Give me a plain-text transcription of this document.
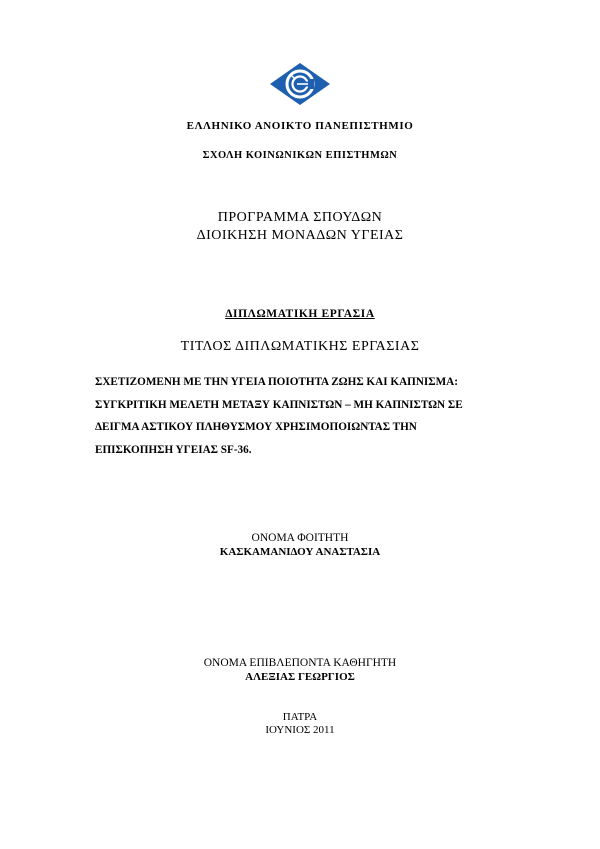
ΕΛΛΗΝΙΚΟ ΑΝΟΙΚΤΟ ΠΑΝΕΠΙΣΤΗΜΙΟ
ΣΧΟΛΗ ΚΟΙΝΩΝΙΚΩΝ ΕΠΙΣΤΗΜΩΝ
ΠΡΟΓΡΑΜΜΑ ΣΠΟΥΔΩΝ
ΔΙΟΙΚΗΣΗ ΜΟΝΑΔΩΝ ΥΓΕΙΑΣ
ΔΙΠΛΩΜΑΤΙΚΗ ΕΡΓΑΣΙΑ
ΤΙΤΛΟΣ ΔΙΠΛΩΜΑΤΙΚΗΣ ΕΡΓΑΣΙΑΣ
ΣΧΕΤΙΖΟΜΕΝΗ ΜΕ ΤΗΝ ΥΓΕΙΑ ΠΟΙΟΤΗΤΑ ΖΩΗΣ ΚΑΙ ΚΑΠΝΙΣΜΑ:
ΣΥΓΚΡΙΤΙΚΗ ΜΕΛΕΤΗ ΜΕΤΑΞΥ ΚΑΠΝΙΣΤΩΝ – ΜΗ ΚΑΠΝΙΣΤΩΝ ΣΕ
ΔΕΙΓΜΑ ΑΣΤΙΚΟΥ ΠΛΗΘΥΣΜΟΥ ΧΡΗΣΙΜΟΠΟΙΩΝΤΑΣ ΤΗΝ
ΕΠΙΣΚΟΠΗΣΗ ΥΓΕΙΑΣ SF-36.
ΟΝΟΜΑ ΦΟΙΤΗΤΗ
ΚΑΣΚΑΜΑΝΙΔΟΥ ΑΝΑΣΤΑΣΙΑ
ΟΝΟΜΑ ΕΠΙΒΛΕΠΟΝΤΑ ΚΑΘΗΓΗΤΗ
ΑΛΕΞΙΑΣ ΓΕΩΡΓΙΟΣ
ΠΑΤΡΑ
ΙΟΥΝΙΟΣ 2011
